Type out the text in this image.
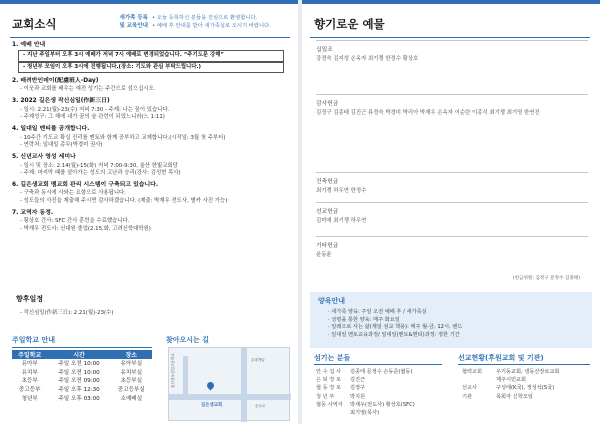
교회소식	새가족 등록
및 교육안내
• 오늘 등록하신 분들을 진심으로 환영합니다.
• 예배 후 안내를 받아 새가족실로 오시기 바랍니다.
1. 예배 안내
- 지난 주일부터 오후 3시 예배가 저녁 7시 예배로 변경되었습니다. “주기도문 강해”
- 청년부 모임이 오후 3시에 진행됩니다.(장소: 기도와 관심 부탁드립니다.)
2. 배려반인데이(配慮班人-Day)
- 이웃과 교회를 배우는 예전 성기는 주간으로 섬으십시오.
3. 2022 길은생 작신심일(作新三日)
- 일시: 2.21(월)-23(수) 저녁 7:30 - 주제: 나는 꿈이 있습니다.
- 주제성구: 그 해에 내가 꿈의 숲 관련이 되었느니라(느 1:11)
4. 일대일 멘티를 공개합니다.
- 10주간 기도교 확실 진리를 멘토와 함께 공부하고 교제합니다.(시작일: 3월 첫 주부터)
- 연락처: 일대일 총무(박경미 권사)
5. 신년교사 영성 세미나
- 일시 및 장소: 2.14(월)-15(화) 저녁 7:00-9:30, 울산 한빛교회당
- 주제: 마지막 때를 살아가는 성도의 고난과 승리(강사: 김성현 목사)
6. 길은생교회 멤교회 관리 시스템이 구축되고 있습니다.
- 구축과 동시에 사와는 요함으로 사용됩니다.
- 성도들의 사진을 제출해 주시면 감사하겠습니다. (제출: 박재우 전도사, 별카 사진 가능)
7. 교역자 동정.
- 황상호 간사: SFC 간사 훈련을 수료했습니다.
- 박재우 전도사: 신대원 졸업(2.15,화, 고려신학대학원)
향후일정
- 작신심일(作新三日): 2.21(월)-23(수)
주일학교 안내
주일학교	시간	장소
유아부	주일 오전 10:00	유아부실
유치부	주일 오전 10:00	유치부실
초등부	주일 오전 09:00	초등부실
중고등부	주일 오후 12:30	중고등부실
청년부	주일 오후 03:00	소예배실
찾아오시는 길
울산정보산업고등학교	롯데캐슬
문수로
길은생교회
향기로운 예물
십일조
강경숙 김지성 손옥자 최기쟁 한정수 황상호
감사헌금
김정구 김종태 김진근 류정숙 박경미 박리아 박재우 손옥자 이순란 이종식 최기쟁 최기영 한연진
건축헌금
최기쟁 하우연 한정수
선교헌금
김미애 최기쟁 하우연
기타헌금
윤동윤
(헌금위원: 김정구 문정수 김종태)
양육안내
· 새가족 양육: 주일 오전 예배 후 / 새가족실
· 성령을 통한 양육: 매주 화요일
· 일레으로 사는 삶(제일 섬교 책용): 매주 월-금, 12시, 밴드
· 일대일 멘토교육과정/ 일대일(멘토&멘티)과정: 정한 기간
섬기는 분들
안 수 집 사	김종태 문정수 손동준(협동)
은 퇴 장 로	김진근
협 동 장 로	김정구
청 년 부	박지원
협동 사역자	박재우(전도사) 황상호(SFC)
최기영(목사)
선교현황(후원교회 및 기관)
협력교회	우기동교회, 냉동산장로교회
제주시민교회
선교사	구성태(K국), 정성석(S국)
기관	목회자 신학모임
